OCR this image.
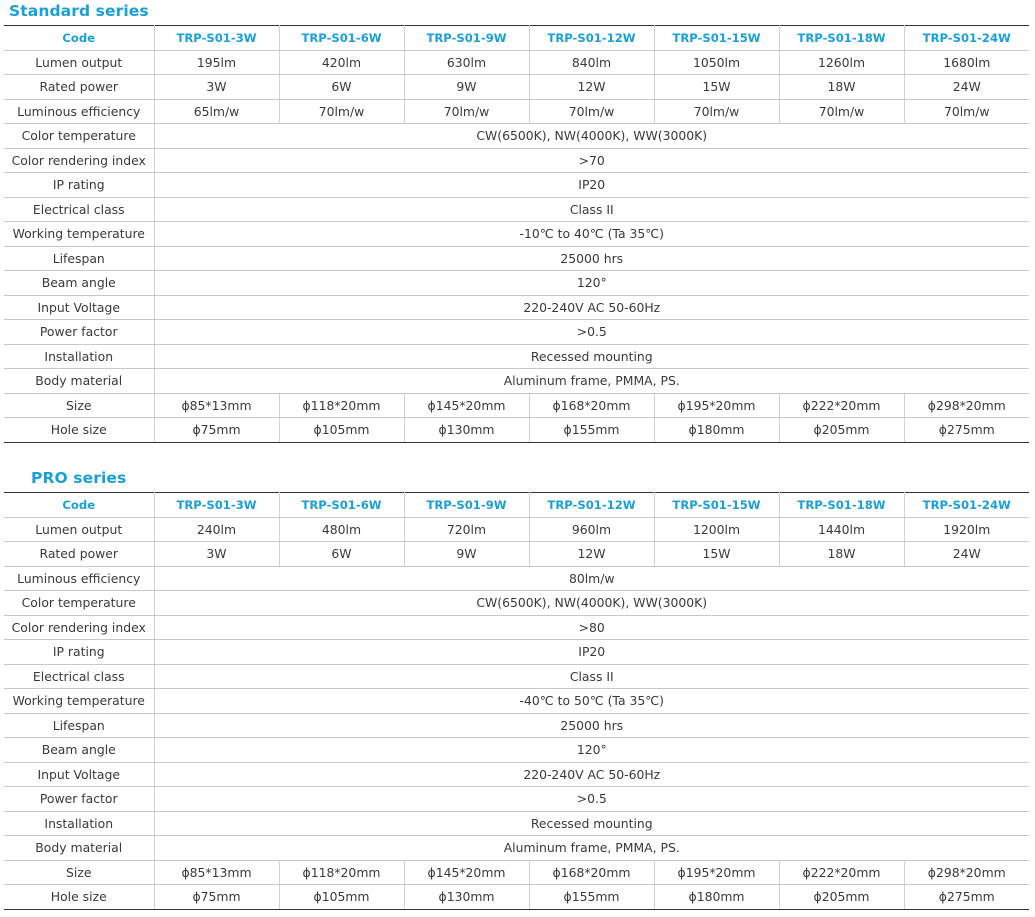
Standard series
Code	TRP-S01-3W	TRP-S01-6W	TRP-S01-9W	TRP-S01-12W	TRP-S01-15W	TRP-S01-18W	TRP-S01-24W
Lumen output	195lm	420lm	630lm	840lm	1050lm	1260lm	1680lm
Rated power	3W	6W	9W	12W	15W	18W	24W
Luminous efficiency	65lm/w	70lm/w	70lm/w	70lm/w	70lm/w	70lm/w	70lm/w
Color temperature	CW(6500K), NW(4000K), WW(3000K)						
Color rendering index	>70						
IP rating	IP20						
Electrical class	Class II						
Working temperature	-10℃ to 40℃ (Ta 35℃)						
Lifespan	25000 hrs						
Beam angle	120°						
Input Voltage	220-240V AC 50-60Hz						
Power factor	>0.5						
Installation	Recessed mounting						
Body material	Aluminum frame, PMMA, PS.						
Size	ϕ85*13mm	ϕ118*20mm	ϕ145*20mm	ϕ168*20mm	ϕ195*20mm	ϕ222*20mm	ϕ298*20mm
Hole size	ϕ75mm	ϕ105mm	ϕ130mm	ϕ155mm	ϕ180mm	ϕ205mm	ϕ275mm
PRO series
Code	TRP-S01-3W	TRP-S01-6W	TRP-S01-9W	TRP-S01-12W	TRP-S01-15W	TRP-S01-18W	TRP-S01-24W
Lumen output	240lm	480lm	720lm	960lm	1200lm	1440lm	1920lm
Rated power	3W	6W	9W	12W	15W	18W	24W
Luminous efficiency	80lm/w						
Color temperature	CW(6500K), NW(4000K), WW(3000K)						
Color rendering index	>80						
IP rating	IP20						
Electrical class	Class II						
Working temperature	-40℃ to 50℃ (Ta 35℃)						
Lifespan	25000 hrs						
Beam angle	120°						
Input Voltage	220-240V AC 50-60Hz						
Power factor	>0.5						
Installation	Recessed mounting						
Body material	Aluminum frame, PMMA, PS.						
Size	ϕ85*13mm	ϕ118*20mm	ϕ145*20mm	ϕ168*20mm	ϕ195*20mm	ϕ222*20mm	ϕ298*20mm
Hole size	ϕ75mm	ϕ105mm	ϕ130mm	ϕ155mm	ϕ180mm	ϕ205mm	ϕ275mm
